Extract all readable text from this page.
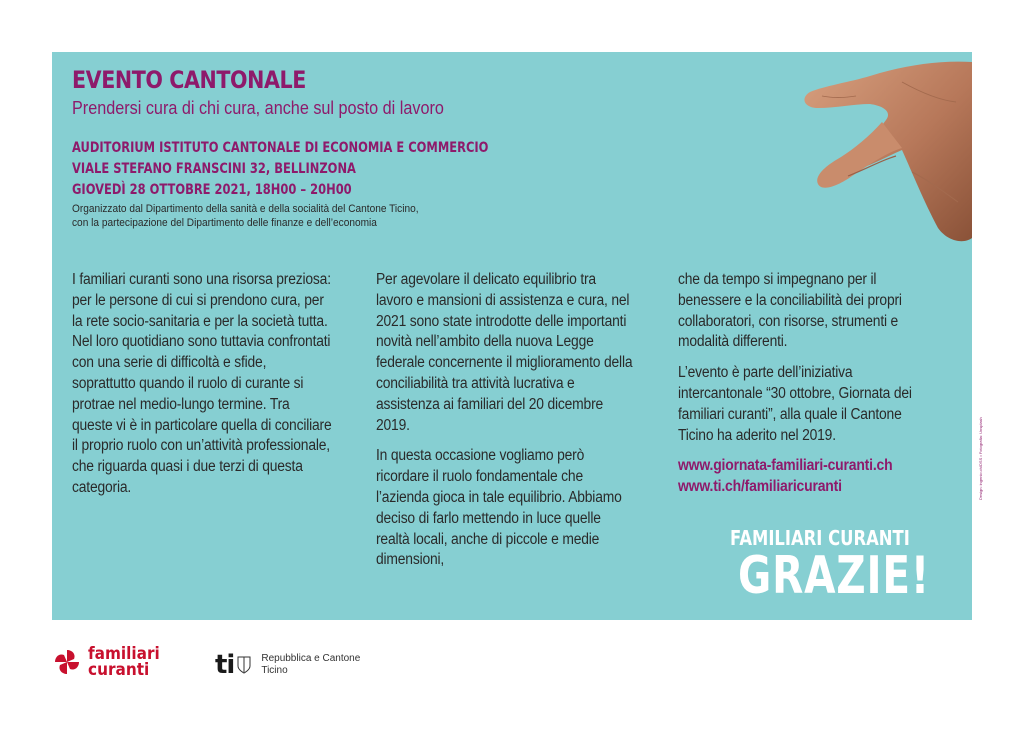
EVENTO CANTONALE
Prendersi cura di chi cura, anche sul posto di lavoro
AUDITORIUM ISTITUTO CANTONALE DI ECONOMIA E COMMERCIO
VIALE STEFANO FRANSCINI 32, BELLINZONA
GIOVEDÌ 28 OTTOBRE 2021, 18H00 – 20H00
Organizzato dal Dipartimento della sanità e della socialità del Cantone Ticino,
con la partecipazione del Dipartimento delle finanze e dell’economia

I familiari curanti sono una risorsa preziosa: per le persone di cui si prendono cura, per la rete socio-sanitaria e per la società tutta.

Nel loro quotidiano sono tuttavia confrontati con una serie di difficoltà e sfide, soprattutto quando il ruolo di curante si protrae nel medio-lungo termine. Tra queste vi è in particolare quella di conciliare il proprio ruolo con un’attività professionale, che riguarda quasi i due terzi di questa categoria.

Per agevolare il delicato equilibrio tra lavoro e mansioni di assistenza e cura, nel 2021 sono state introdotte delle importanti novità nell’ambito della nuova Legge federale concernente il miglioramento della conciliabilità tra attività lucrativa e assistenza ai familiari del 20 dicembre 2019.

In questa occasione vogliamo però ricordare il ruolo fondamentale che l’azienda gioca in tale equilibrio. Abbiamo deciso di farlo mettendo in luce quelle realtà locali, anche di piccole e medie dimensioni,

che da tempo si impegnano per il benessere e la conciliabilità dei propri collaboratori, con risorse, strumenti e modalità differenti.

L’evento è parte dell’iniziativa intercantonale “30 ottobre, Giornata dei familiari curanti”, alla quale il Cantone Ticino ha aderito nel 2019.

www.giornata-familiari-curanti.ch
www.ti.ch/familiaricuranti
FAMILIARI CURANTI
GRAZIE!
Design: ingenio.ch/DSS • Fotografia: Unsplash
familiari
curanti	ti	Repubblica e Cantone
Ticino
